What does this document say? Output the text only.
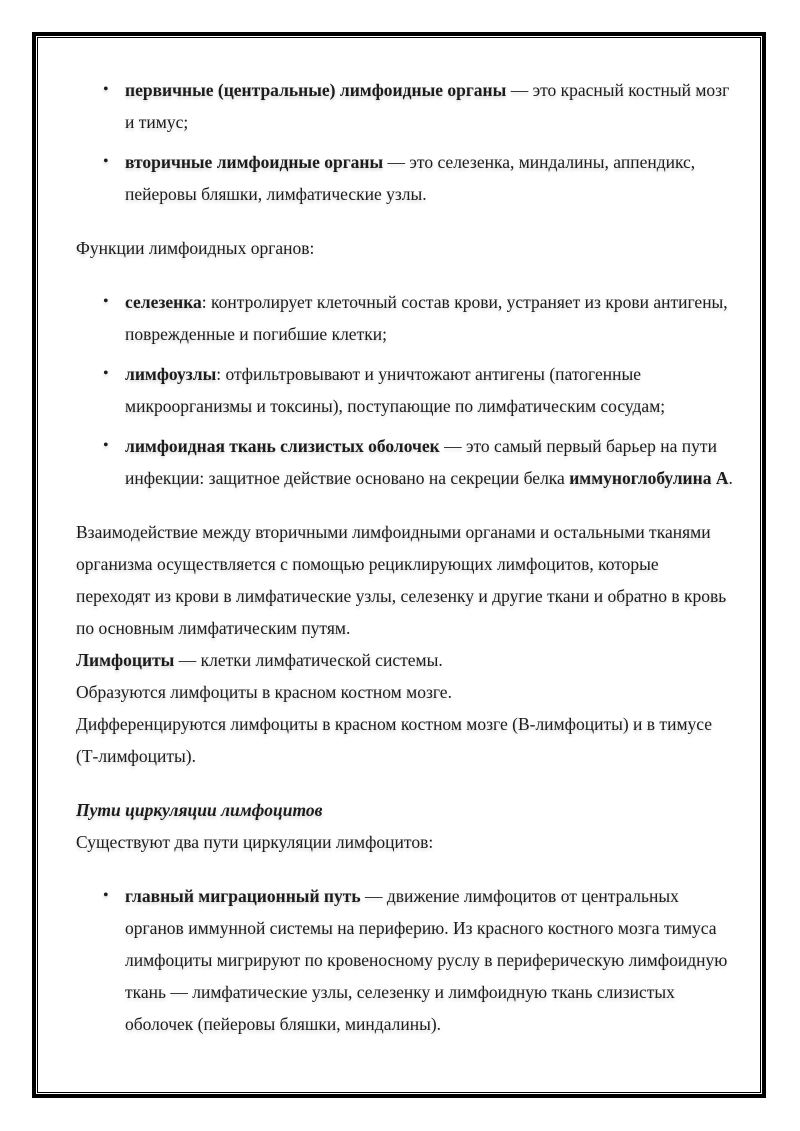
• первичные (центральные) лимфоидные органы — это красный костный мозг и тимус;
• вторичные лимфоидные органы — это селезенка, миндалины, аппендикс, пейеровы бляшки, лимфатические узлы.

Функции лимфоидных органов:

• селезенка: контролирует клеточный состав крови, устраняет из крови антигены, поврежденные и погибшие клетки;
• лимфоузлы: отфильтровывают и уничтожают антигены (патогенные микроорганизмы и токсины), поступающие по лимфатическим сосудам;
• лимфоидная ткань слизистых оболочек — это самый первый барьер на пути инфекции: защитное действие основано на секреции белка иммуноглобулина А.

Взаимодействие между вторичными лимфоидными органами и остальными тканями организма осуществляется с помощью рециклирующих лимфоцитов, которые переходят из крови в лимфатические узлы, селезенку и другие ткани и обратно в кровь по основным лимфатическим путям.

Лимфоциты — клетки лимфатической системы.

Образуются лимфоциты в красном костном мозге.

Дифференцируются лимфоциты в красном костном мозге (В-лимфоциты) и в тимусе (Т-лимфоциты).

Пути циркуляции лимфоцитов

Существуют два пути циркуляции лимфоцитов:

• главный миграционный путь — движение лимфоцитов от центральных органов иммунной системы на периферию. Из красного костного мозга тимуса лимфоциты мигрируют по кровеносному руслу в периферическую лимфоидную ткань — лимфатические узлы, селезенку и лимфоидную ткань слизистых оболочек (пейеровы бляшки, миндалины).
